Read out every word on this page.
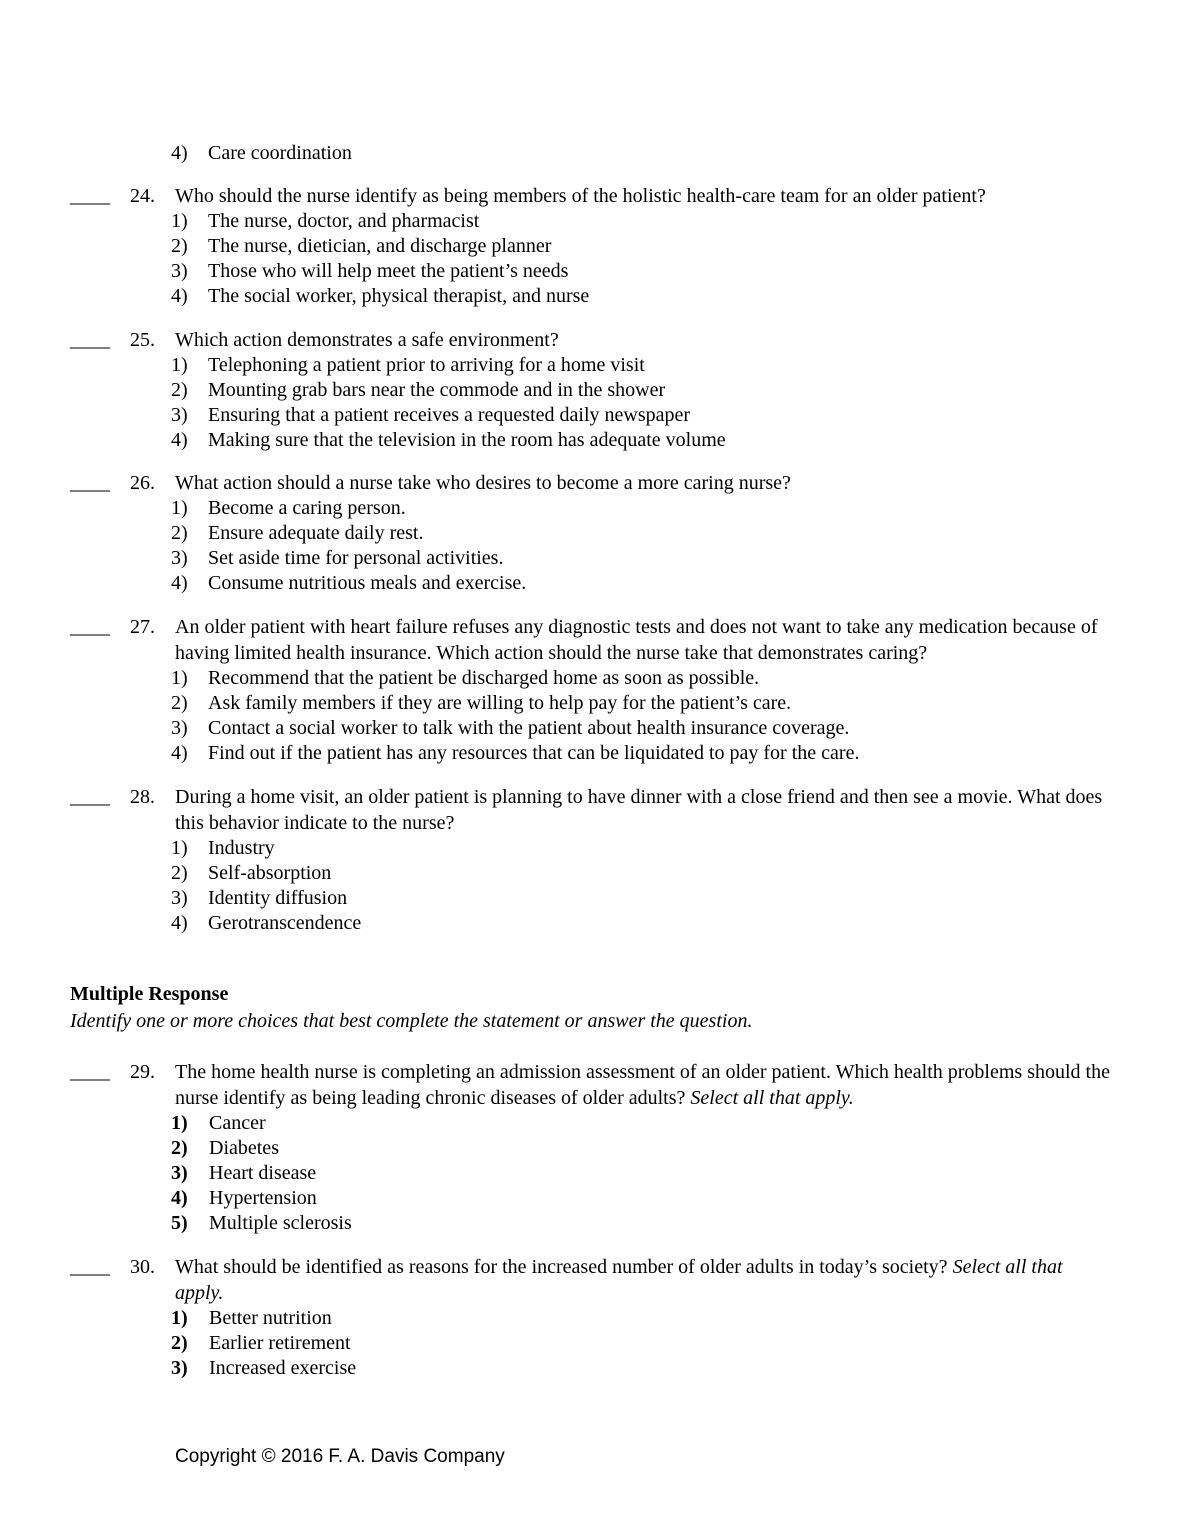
4) Care coordination
____ 24. Who should the nurse identify as being members of the holistic health-care team for an older patient?
1) The nurse, doctor, and pharmacist
2) The nurse, dietician, and discharge planner
3) Those who will help meet the patient’s needs
4) The social worker, physical therapist, and nurse
____ 25. Which action demonstrates a safe environment?
1) Telephoning a patient prior to arriving for a home visit
2) Mounting grab bars near the commode and in the shower
3) Ensuring that a patient receives a requested daily newspaper
4) Making sure that the television in the room has adequate volume
____ 26. What action should a nurse take who desires to become a more caring nurse?
1) Become a caring person.
2) Ensure adequate daily rest.
3) Set aside time for personal activities.
4) Consume nutritious meals and exercise.
____ 27. An older patient with heart failure refuses any diagnostic tests and does not want to take any medication because of having limited health insurance. Which action should the nurse take that demonstrates caring?
1) Recommend that the patient be discharged home as soon as possible.
2) Ask family members if they are willing to help pay for the patient’s care.
3) Contact a social worker to talk with the patient about health insurance coverage.
4) Find out if the patient has any resources that can be liquidated to pay for the care.
____ 28. During a home visit, an older patient is planning to have dinner with a close friend and then see a movie. What does this behavior indicate to the nurse?
1) Industry
2) Self-absorption
3) Identity diffusion
4) Gerotranscendence
Multiple Response
Identify one or more choices that best complete the statement or answer the question.
____ 29. The home health nurse is completing an admission assessment of an older patient. Which health problems should the nurse identify as being leading chronic diseases of older adults? Select all that apply.
1) Cancer
2) Diabetes
3) Heart disease
4) Hypertension
5) Multiple sclerosis
____ 30. What should be identified as reasons for the increased number of older adults in today’s society? Select all that apply.
1) Better nutrition
2) Earlier retirement
3) Increased exercise
Copyright © 2016 F. A. Davis Company
